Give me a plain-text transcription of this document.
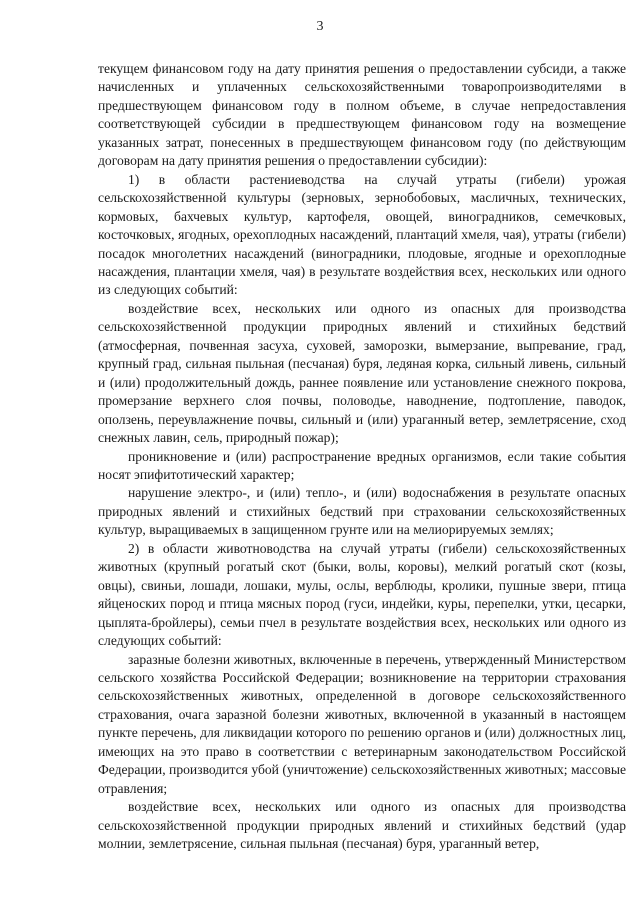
3

текущем финансовом году на дату принятия решения о предоставлении субсиди, а также начисленных и уплаченных сельскохозяйственными товаропроизводителями в предшествующем финансовом году в полном объеме, в случае непредоставления соответствующей субсидии в предшествующем финансовом году на возмещение указанных затрат, понесенных в предшествующем финансовом году (по действующим договорам на дату принятия решения о предоставлении субсидии):

1) в области растениеводства на случай утраты (гибели) урожая сельскохозяйственной культуры (зерновых, зернобобовых, масличных, технических, кормовых, бахчевых культур, картофеля, овощей, виноградников, семечковых, косточковых, ягодных, орехоплодных насаждений, плантаций хмеля, чая), утраты (гибели) посадок многолетних насаждений (виноградники, плодовые, ягодные и орехоплодные насаждения, плантации хмеля, чая) в результате воздействия всех, нескольких или одного из следующих событий:

воздействие всех, нескольких или одного из опасных для производства сельскохозяйственной продукции природных явлений и стихийных бедствий (атмосферная, почвенная засуха, суховей, заморозки, вымерзание, выпревание, град, крупный град, сильная пыльная (песчаная) буря, ледяная корка, сильный ливень, сильный и (или) продолжительный дождь, раннее появление или установление снежного покрова, промерзание верхнего слоя почвы, половодье, наводнение, подтопление, паводок, оползень, переувлажнение почвы, сильный и (или) ураганный ветер, землетрясение, сход снежных лавин, сель, природный пожар);

проникновение и (или) распространение вредных организмов, если такие события носят эпифитотический характер;

нарушение электро-, и (или) тепло-, и (или) водоснабжения в результате опасных природных явлений и стихийных бедствий при страховании сельскохозяйственных культур, выращиваемых в защищенном грунте или на мелиорируемых землях;

2) в области животноводства на случай утраты (гибели) сельскохозяйственных животных (крупный рогатый скот (быки, волы, коровы), мелкий рогатый скот (козы, овцы), свиньи, лошади, лошаки, мулы, ослы, верблюды, кролики, пушные звери, птица яйценоских пород и птица мясных пород (гуси, индейки, куры, перепелки, утки, цесарки, цыплята-бройлеры), семьи пчел в результате воздействия всех, нескольких или одного из следующих событий:

заразные болезни животных, включенные в перечень, утвержденный Министерством сельского хозяйства Российской Федерации; возникновение на территории страхования сельскохозяйственных животных, определенной в договоре сельскохозяйственного страхования, очага заразной болезни животных, включенной в указанный в настоящем пункте перечень, для ликвидации которого по решению органов и (или) должностных лиц, имеющих на это право в соответствии с ветеринарным законодательством Российской Федерации, производится убой (уничтожение) сельскохозяйственных животных; массовые отравления;

воздействие всех, нескольких или одного из опасных для производства сельскохозяйственной продукции природных явлений и стихийных бедствий (удар молнии, землетрясение, сильная пыльная (песчаная) буря, ураганный ветер,
